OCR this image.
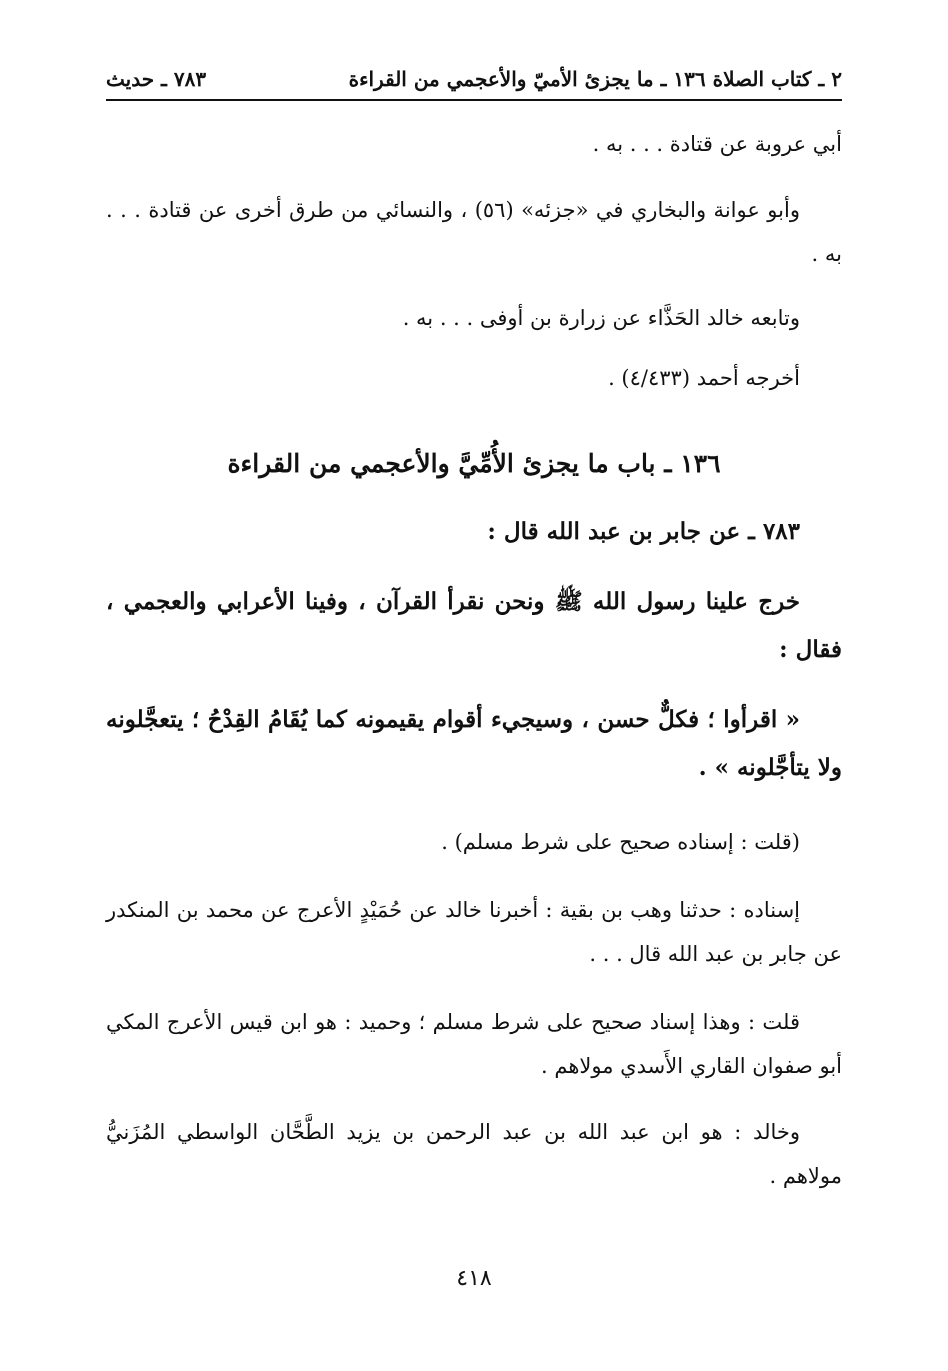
٢ ـ كتاب الصلاة ١٣٦ ـ ما يجزئ الأميّ والأعجمي من القراءة
٧٨٣ ـ حديث
أبي عروبة عن قتادة . . . به .
وأبو عوانة والبخاري في «جزئه» (٥٦) ، والنسائي من طرق أخرى عن قتادة . . . به .
وتابعه خالد الحَذَّاء عن زرارة بن أوفى . . . به .
أخرجه أحمد (٤/٤٣٣) .
١٣٦ ـ باب ما يجزئ الأُمِّيَّ والأعجمي من القراءة
٧٨٣ ـ عن جابر بن عبد الله قال :
خرج علينا رسول الله ﷺ ونحن نقرأ القرآن ، وفينا الأعرابي والعجمي ، فقال :
« اقرأوا ؛ فكلٌّ حسن ، وسيجيء أقوام يقيمونه كما يُقَامُ القِدْحُ ؛ يتعجَّلونه ولا يتأجَّلونه » .
(قلت : إسناده صحيح على شرط مسلم) .
إسناده : حدثنا وهب بن بقية : أخبرنا خالد عن حُمَيْدٍ الأعرج عن محمد بن المنكدر عن جابر بن عبد الله قال . . .
قلت : وهذا إسناد صحيح على شرط مسلم ؛ وحميد : هو ابن قيس الأعرج المكي أبو صفوان القاري الأَسدي مولاهم .
وخالد : هو ابن عبد الله بن عبد الرحمن بن يزيد الطَّحَّان الواسطي المُزَنيُّ مولاهم .
٤١٨
